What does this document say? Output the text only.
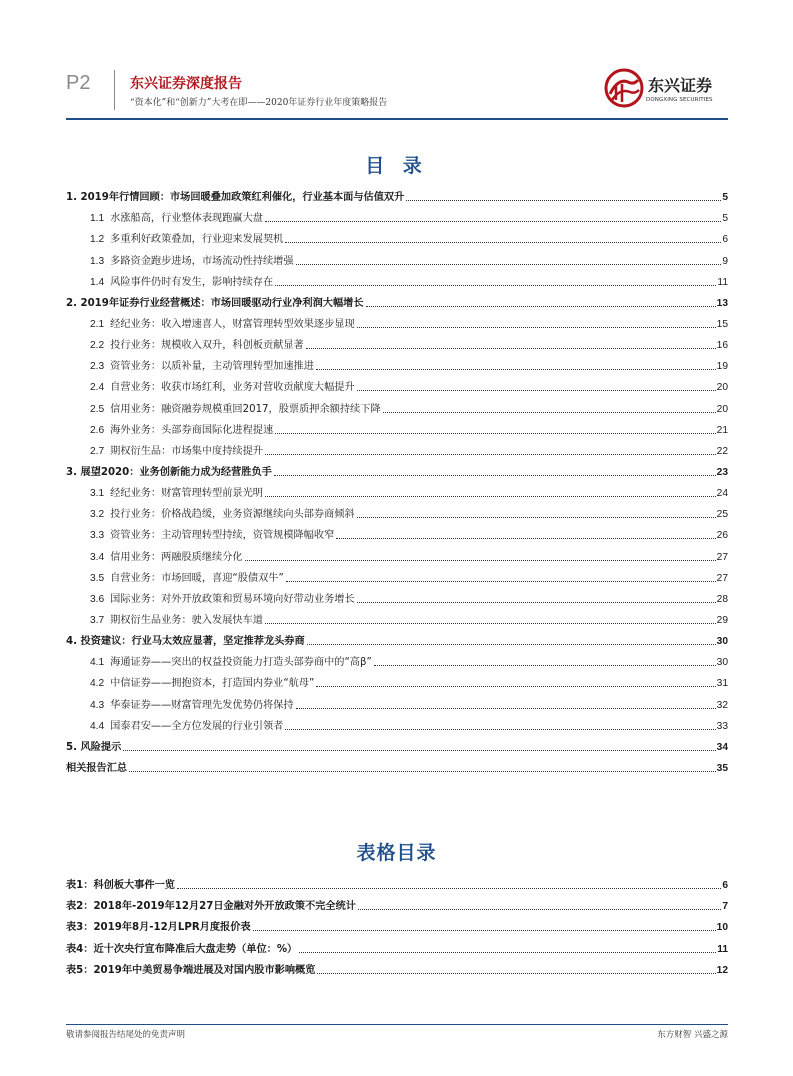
P2	东兴证券深度报告
“资本化”和“创新力”大考在即——2020年证券行业年度策略报告
东兴证券
DONGXING SECURITIES
目 录
1. 2019年行情回顾：市场回暖叠加政策红利催化，行业基本面与估值双升	5
1.1 水涨船高，行业整体表现跑赢大盘	5
1.2 多重利好政策叠加，行业迎来发展契机	6
1.3 多路资金跑步进场，市场流动性持续增强	9
1.4 风险事件仍时有发生，影响持续存在	11
2. 2019年证券行业经营概述：市场回暖驱动行业净利润大幅增长	13
2.1 经纪业务：收入增速喜人，财富管理转型效果逐步显现	15
2.2 投行业务：规模收入双升，科创板贡献显著	16
2.3 资管业务：以质补量，主动管理转型加速推进	19
2.4 自营业务：收获市场红利，业务对营收贡献度大幅提升	20
2.5 信用业务：融资融券规模重回2017，股票质押余额持续下降	20
2.6 海外业务：头部券商国际化进程提速	21
2.7 期权衍生品：市场集中度持续提升	22
3. 展望2020：业务创新能力成为经营胜负手	23
3.1 经纪业务：财富管理转型前景光明	24
3.2 投行业务：价格战趋缓，业务资源继续向头部券商倾斜	25
3.3 资管业务：主动管理转型持续，资管规模降幅收窄	26
3.4 信用业务：两融股质继续分化	27
3.5 自营业务：市场回暖，喜迎“股债双牛”	27
3.6 国际业务：对外开放政策和贸易环境向好带动业务增长	28
3.7 期权衍生品业务：驶入发展快车道	29
4. 投资建议：行业马太效应显著，坚定推荐龙头券商	30
4.1 海通证券——突出的权益投资能力打造头部券商中的“高β”	30
4.2 中信证券——拥抱资本，打造国内券业“航母”	31
4.3 华泰证券——财富管理先发优势仍将保持	32
4.4 国泰君安——全方位发展的行业引领者	33
5. 风险提示	34
相关报告汇总	35
表格目录
表1：科创板大事件一览	6
表2：2018年-2019年12月27日金融对外开放政策不完全统计	7
表3：2019年8月-12月LPR月度报价表	10
表4：近十次央行宣布降准后大盘走势（单位：%）	11
表5：2019年中美贸易争端进展及对国内股市影响概览	12
敬请参阅报告结尾处的免责声明	东方财智 兴盛之源
